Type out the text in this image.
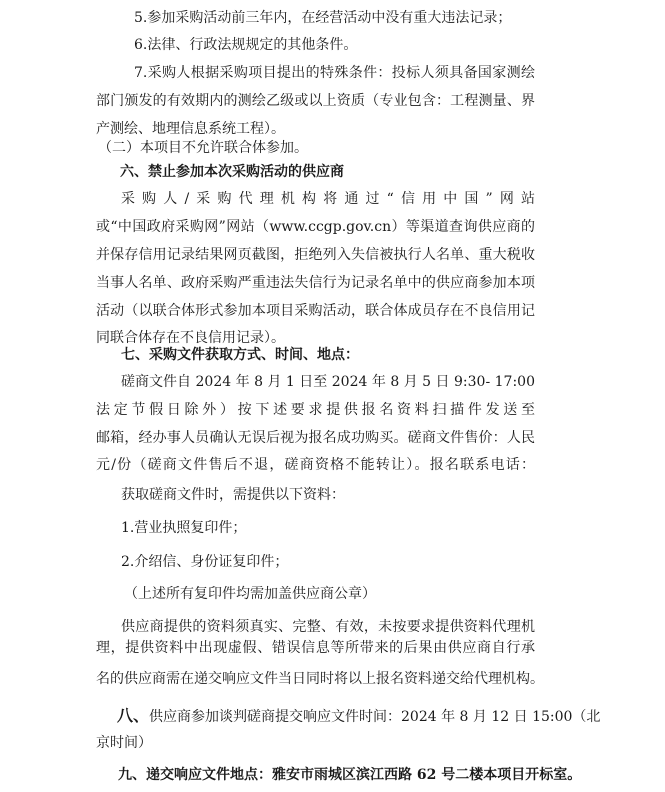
5.参加采购活动前三年内，在经营活动中没有重大违法记录；
6.法律、行政法规规定的其他条件。
7.采购人根据采购项目提出的特殊条件：投标人须具备国家测绘
部门颁发的有效期内的测绘乙级或以上资质（专业包含：工程测量、界
产测绘、地理信息系统工程）。
（二）本项目不允许联合体参加。
六、禁止参加本次采购活动的供应商
采购人/采购代理机构将通过“信用中国”网站
或“中国政府采购网”网站（www.ccgp.gov.cn）等渠道查询供应商的
并保存信用记录结果网页截图，拒绝列入失信被执行人名单、重大税收
当事人名单、政府采购严重违法失信行为记录名单中的供应商参加本项
活动（以联合体形式参加本项目采购活动，联合体成员存在不良信用记
同联合体存在不良信用记录）。
七、采购文件获取方式、时间、地点：
磋商文件自 2024 年 8 月 1 日至 2024 年 8 月 5 日 9:30- 17:00
法定节假日除外）按下述要求提供报名资料扫描件发送至
邮箱，经办事人员确认无误后视为报名成功购买。磋商文件售价：人民
元/份（磋商文件售后不退，磋商资格不能转让）。报名联系电话：
获取磋商文件时，需提供以下资料：
1.营业执照复印件；
2.介绍信、身份证复印件；
（上述所有复印件均需加盖供应商公章）
供应商提供的资料须真实、完整、有效，未按要求提供资料代理机
理，提供资料中出现虚假、错误信息等所带来的后果由供应商自行承
名的供应商需在递交响应文件当日同时将以上报名资料递交给代理机构。
八、供应商参加谈判磋商提交响应文件时间：2024 年 8 月 12 日 15:00（北
京时间）
九、递交响应文件地点：雅安市雨城区滨江西路 62 号二楼本项目开标室。
